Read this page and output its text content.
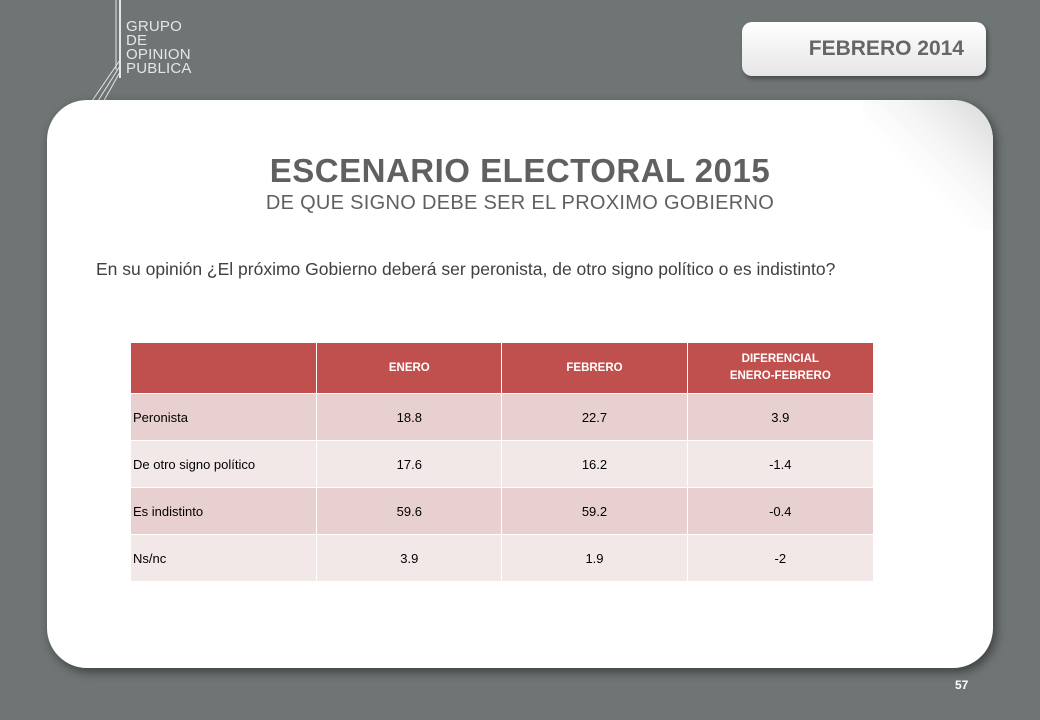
GRUPO
DE
OPINION
PUBLICA
FEBRERO 2014
ESCENARIO ELECTORAL 2015
DE QUE SIGNO DEBE SER EL PROXIMO GOBIERNO
En su opinión ¿El próximo Gobierno deberá ser peronista, de otro signo político o es indistinto?
	ENERO	FEBRERO	DIFERENCIAL
ENERO-FEBRERO

Peronista	18.8	22.7	3.9
De otro signo político	17.6	16.2	-1.4
Es indistinto	59.6	59.2	-0.4
Ns/nc	3.9	1.9	-2
57
